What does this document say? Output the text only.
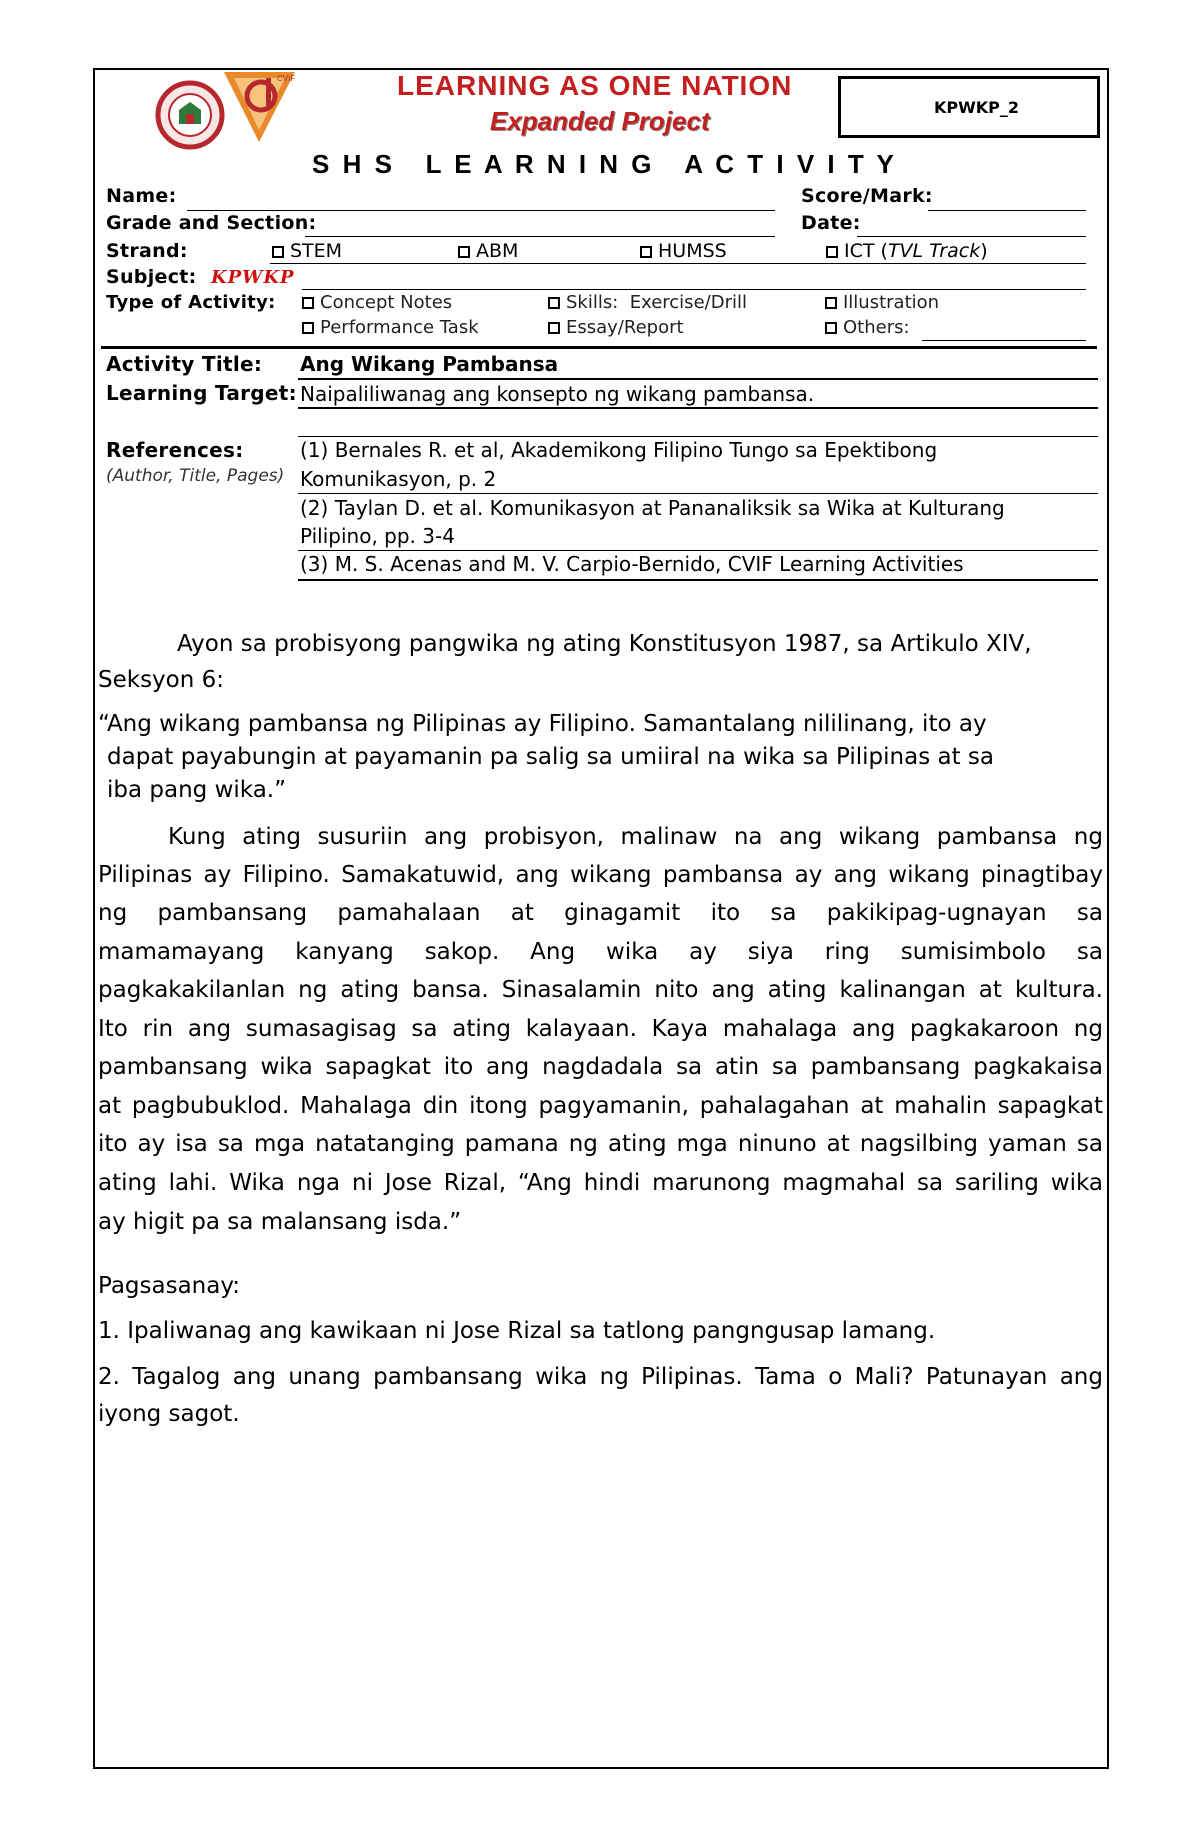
CVIF	LEARNING AS ONE NATION
Expanded Project	KPWKP_2
S H S   L E A R N I N G   A C T I V I T Y
Name:	Score/Mark:
Grade and Section:	Date:
Strand:	STEM	ABM	HUMSS	ICT (TVL Track)
Subject: KPWKP
Type of Activity:	Concept Notes	Skills:  Exercise/Drill	Illustration
Performance Task	Essay/Report	Others:
Activity Title: Ang Wikang Pambansa
Learning Target: Naipaliliwanag ang konsepto ng wikang pambansa.
References:
(Author, Title, Pages)
(1) Bernales R. et al, Akademikong Filipino Tungo sa Epektibong
Komunikasyon, p. 2
(2) Taylan D. et al. Komunikasyon at Pananaliksik sa Wika at Kulturang
Pilipino, pp. 3-4
(3) M. S. Acenas and M. V. Carpio-Bernido, CVIF Learning Activities
Ayon sa probisyong pangwika ng ating Konstitusyon 1987, sa Artikulo XIV,
Seksyon 6:
“Ang wikang pambansa ng Pilipinas ay Filipino. Samantalang nililinang, ito ay
dapat payabungin at payamanin pa salig sa umiiral na wika sa Pilipinas at sa
iba pang wika.”
Kung ating susuriin ang probisyon, malinaw na ang wikang pambansa ng
Pilipinas ay Filipino. Samakatuwid, ang wikang pambansa ay ang wikang pinagtibay
ng pambansang pamahalaan at ginagamit ito sa pakikipag-ugnayan sa
mamamayang kanyang sakop. Ang wika ay siya ring sumisimbolo sa
pagkakakilanlan ng ating bansa. Sinasalamin nito ang ating kalinangan at kultura.
Ito rin ang sumasagisag sa ating kalayaan. Kaya mahalaga ang pagkakaroon ng
pambansang wika sapagkat ito ang nagdadala sa atin sa pambansang pagkakaisa
at pagbubuklod. Mahalaga din itong pagyamanin, pahalagahan at mahalin sapagkat
ito ay isa sa mga natatanging pamana ng ating mga ninuno at nagsilbing yaman sa
ating lahi. Wika nga ni Jose Rizal, “Ang hindi marunong magmahal sa sariling wika
ay higit pa sa malansang isda.”
Pagsasanay:
1. Ipaliwanag ang kawikaan ni Jose Rizal sa tatlong pangngusap lamang.
2. Tagalog ang unang pambansang wika ng Pilipinas. Tama o Mali? Patunayan ang
iyong sagot.
